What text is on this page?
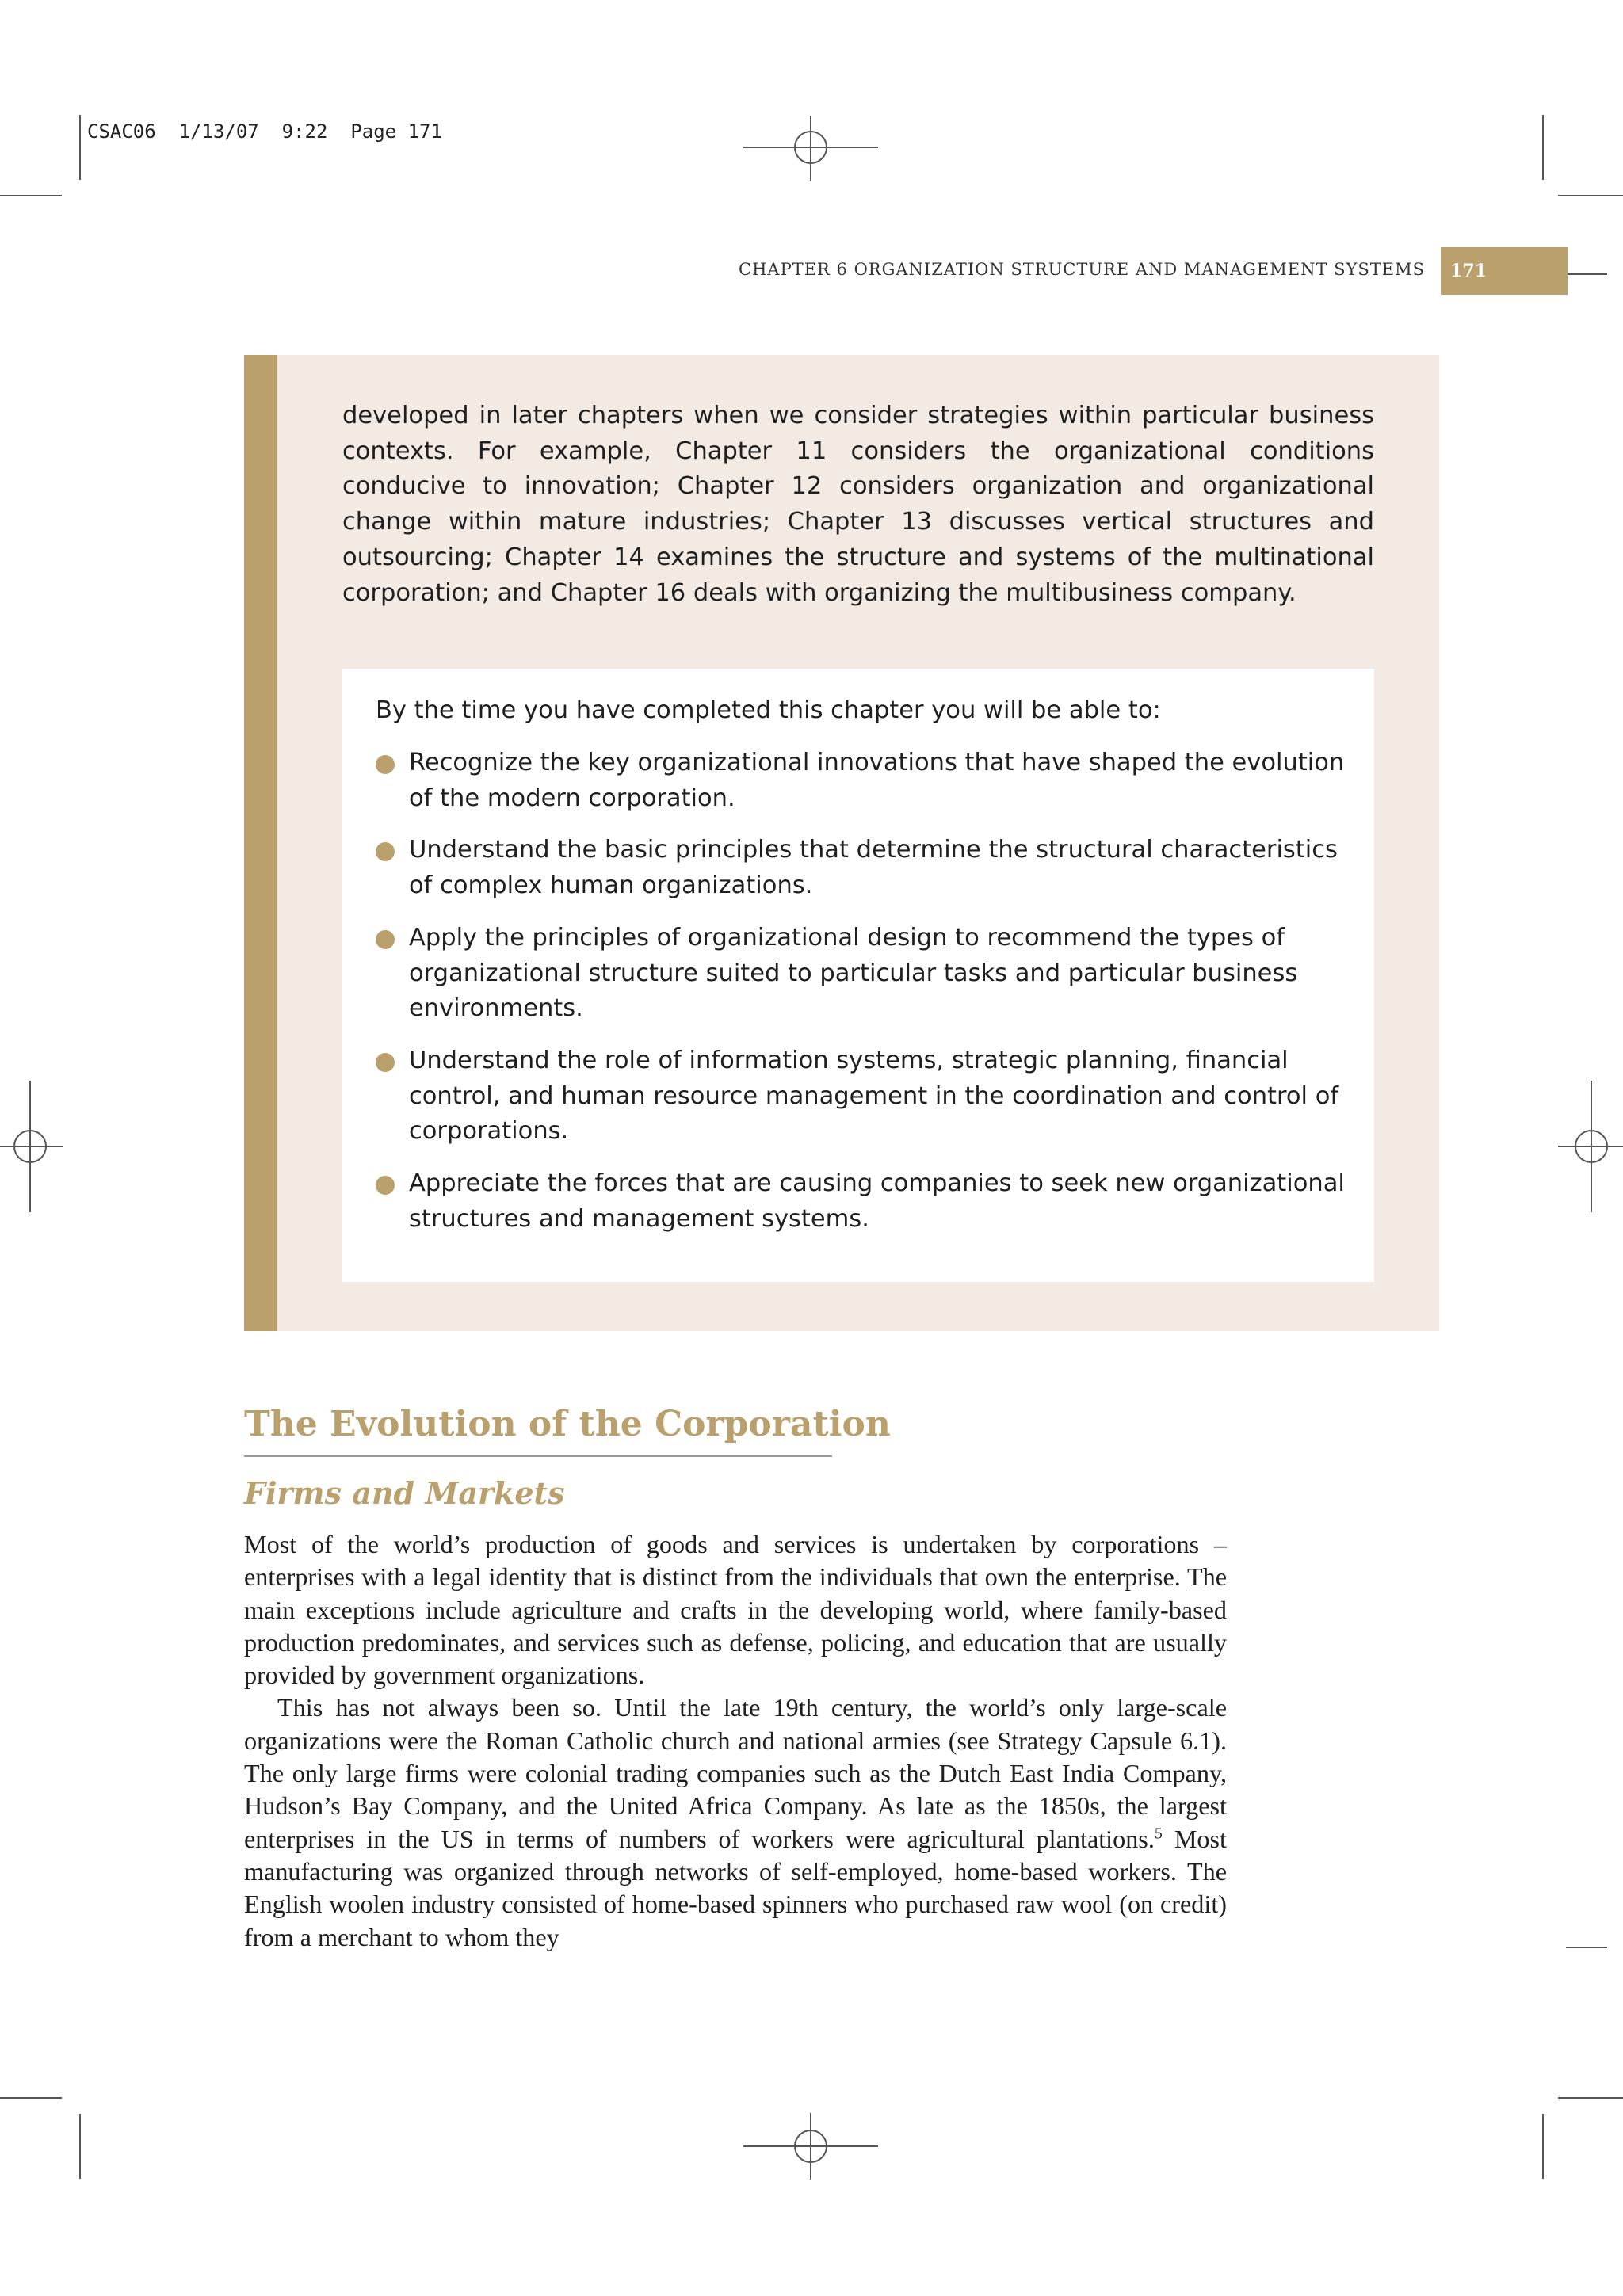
CSAC06  1/13/07  9:22  Page 171
CHAPTER 6 ORGANIZATION STRUCTURE AND MANAGEMENT SYSTEMS	171
developed in later chapters when we consider strategies within particular business contexts. For example, Chapter 11 considers the organizational conditions conducive to innovation; Chapter 12 considers organization and organizational change within mature industries; Chapter 13 discusses vertical structures and outsourcing; Chapter 14 examines the structure and systems of the multinational corporation; and Chapter 16 deals with organizing the multibusiness company.
By the time you have completed this chapter you will be able to:
Recognize the key organizational innovations that have shaped the evolution of the modern corporation.
Understand the basic principles that determine the structural characteristics of complex human organizations.
Apply the principles of organizational design to recommend the types of organizational structure suited to particular tasks and particular business environments.
Understand the role of information systems, strategic planning, financial control, and human resource management in the coordination and control of corporations.
Appreciate the forces that are causing companies to seek new organizational structures and management systems.
The Evolution of the Corporation
Firms and Markets

Most of the world’s production of goods and services is undertaken by corporations – enterprises with a legal identity that is distinct from the individuals that own the enterprise. The main exceptions include agriculture and crafts in the developing world, where family-based production predominates, and services such as defense, policing, and education that are usually provided by government organizations.

This has not always been so. Until the late 19th century, the world’s only large-scale organizations were the Roman Catholic church and national armies (see Strategy Capsule 6.1). The only large firms were colonial trading companies such as the Dutch East India Company, Hudson’s Bay Company, and the United Africa Company. As late as the 1850s, the largest enterprises in the US in terms of numbers of workers were agricultural plantations.$^5$ Most manufacturing was organized through networks of self-employed, home-based workers. The English woolen industry consisted of home-based spinners who purchased raw wool (on credit) from a merchant to whom they
